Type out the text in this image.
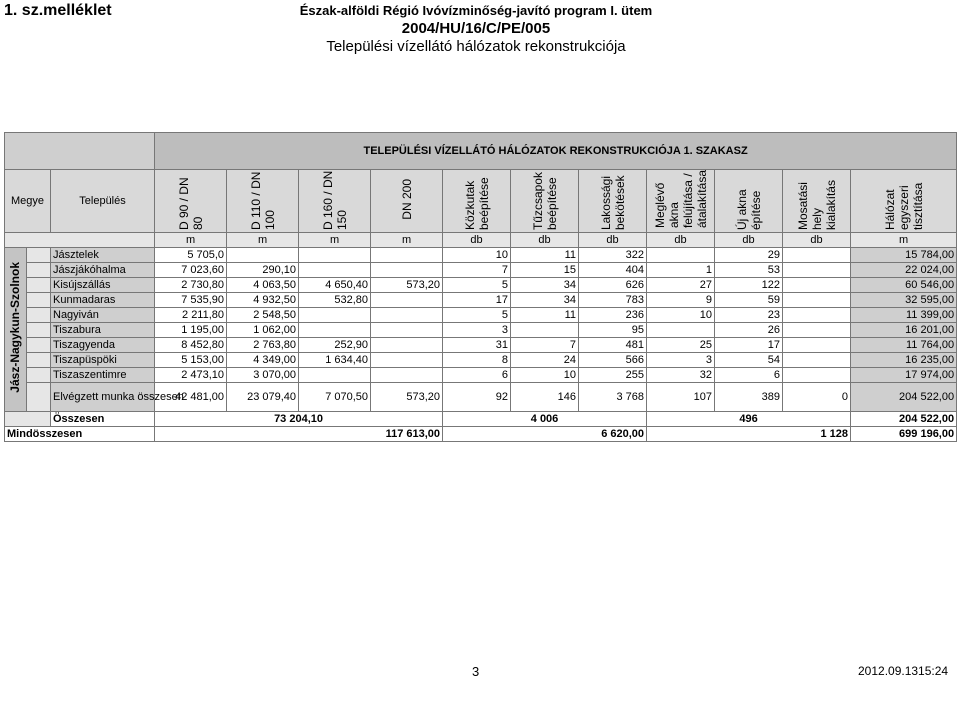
1. sz.melléklet	Észak-alföldi Régió Ivóvízminőség-javító program I. ütem
2004/HU/16/C/PE/005
Települési vízellátó hálózatok rekonstrukciója
			TELEPÜLÉSI VÍZELLÁTÓ HÁLÓZATOK REKONSTRUKCIÓJA 1. SZAKASZ										
Megye		Település	D 90 / DN 80	D 110 / DN 100	D 160 / DN 150	DN 200	Közkutak beépítése	Tűzcsapok beépítése	Lakossági bekötések	Meglévő akna felújítása / átalakítása	Új akna építése	Mosatási hely kialakítás	Hálózat egyszeri tisztítása
			m	m	m	m	db	db	db	db	db	db	m
Jász-Nagykun-Szolnok		Jásztelek	5 705,0				10	11	322		29		15 784,00
		Jászjákóhalma	7 023,60	290,10			7	15	404	1	53		22 024,00
		Kisújszállás	2 730,80	4 063,50	4 650,40	573,20	5	34	626	27	122		60 546,00
		Kunmadaras	7 535,90	4 932,50	532,80		17	34	783	9	59		32 595,00
		Nagyiván	2 211,80	2 548,50			5	11	236	10	23		11 399,00
		Tiszabura	1 195,00	1 062,00			3		95		26		16 201,00
		Tiszagyenda	8 452,80	2 763,80	252,90		31	7	481	25	17		11 764,00
		Tiszapüspöki	5 153,00	4 349,00	1 634,40		8	24	566	3	54		16 235,00
		Tiszaszentimre	2 473,10	3 070,00			6	10	255	32	6		17 974,00
		Elvégzett munka összesen	42 481,00	23 079,40	7 070,50	573,20	92	146	3 768	107	389	0	204 522,00
		Összesen	73 204,10				4 006			496			204 522,00
Mindösszesen			117 613,00				6 620,00			1 128			699 196,00
3	2012.09.1315:24
